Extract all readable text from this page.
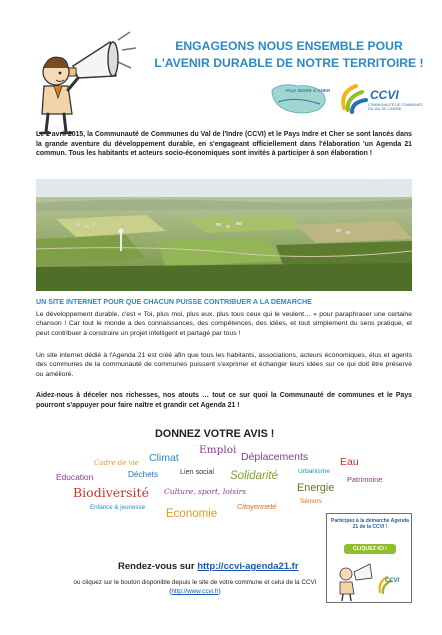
ENGAGEONS NOUS ENSEMBLE POUR
L'AVENIR DURABLE DE NOTRE TERRITOIRE !
Pays INDRE & CHER	CCVI
COMMUNAUTÉ DE COMMUNES DU VAL DE L'INDRE
Le 2 avril 2015, la Communauté de Communes du Val de l'Indre (CCVI) et le Pays Indre et Cher se sont lancés dans la grande aventure du développement durable, en s'engageant officiellement dans l'élaboration 'un Agenda 21 commun. Tous les habitants et acteurs socio-économiques sont invités à participer à son élaboration !
UN SITE INTERNET POUR QUE CHACUN PUISSE CONTRIBUER A LA DEMARCHE
Le développement durable, c'est « Toi, plus moi, plus eux, plus tous ceux qui le veulent… » pour paraphraser une certaine chanson ! Car tout le monde a des connaissances, des compétences, des idées, et tout simplement du sens pratique, et peut contribuer à construire un projet intelligent et partagé par tous !
Un site internet dédié à l'Agenda 21 est créé afin que tous les habitants, associations, acteurs économiques, élus et agents des communes de la communauté de communes puissent s'exprimer et échanger leurs idées sur ce qui doit être préservé ou amélioré.
Aidez-nous à déceler nos richesses, nos atouts … tout ce sur quoi la Communauté de communes et le Pays pourront s'appuyer pour faire naître et grandir cet Agenda 21 !
DONNEZ VOTRE AVIS !
Emploi
Climat	Déplacements	Eau
Cadre de vie
Lien social Solidarité	Urbanisme
Education	Déchets
Patrimoine
Energie
Biodiversité Culture, sport, loisirs
Séniors
Enfance & jeunesse	Citoyenneté
Economie
Rendez-vous sur http://ccvi-agenda21.fr
ou cliquez sur le bouton disponible depuis le site de votre commune et celui de la CCVI (http://www.ccvi.fr)
Participez à la démarche Agenda 21 de la CCVI !
CLIQUEZ ICI !
CCVI
